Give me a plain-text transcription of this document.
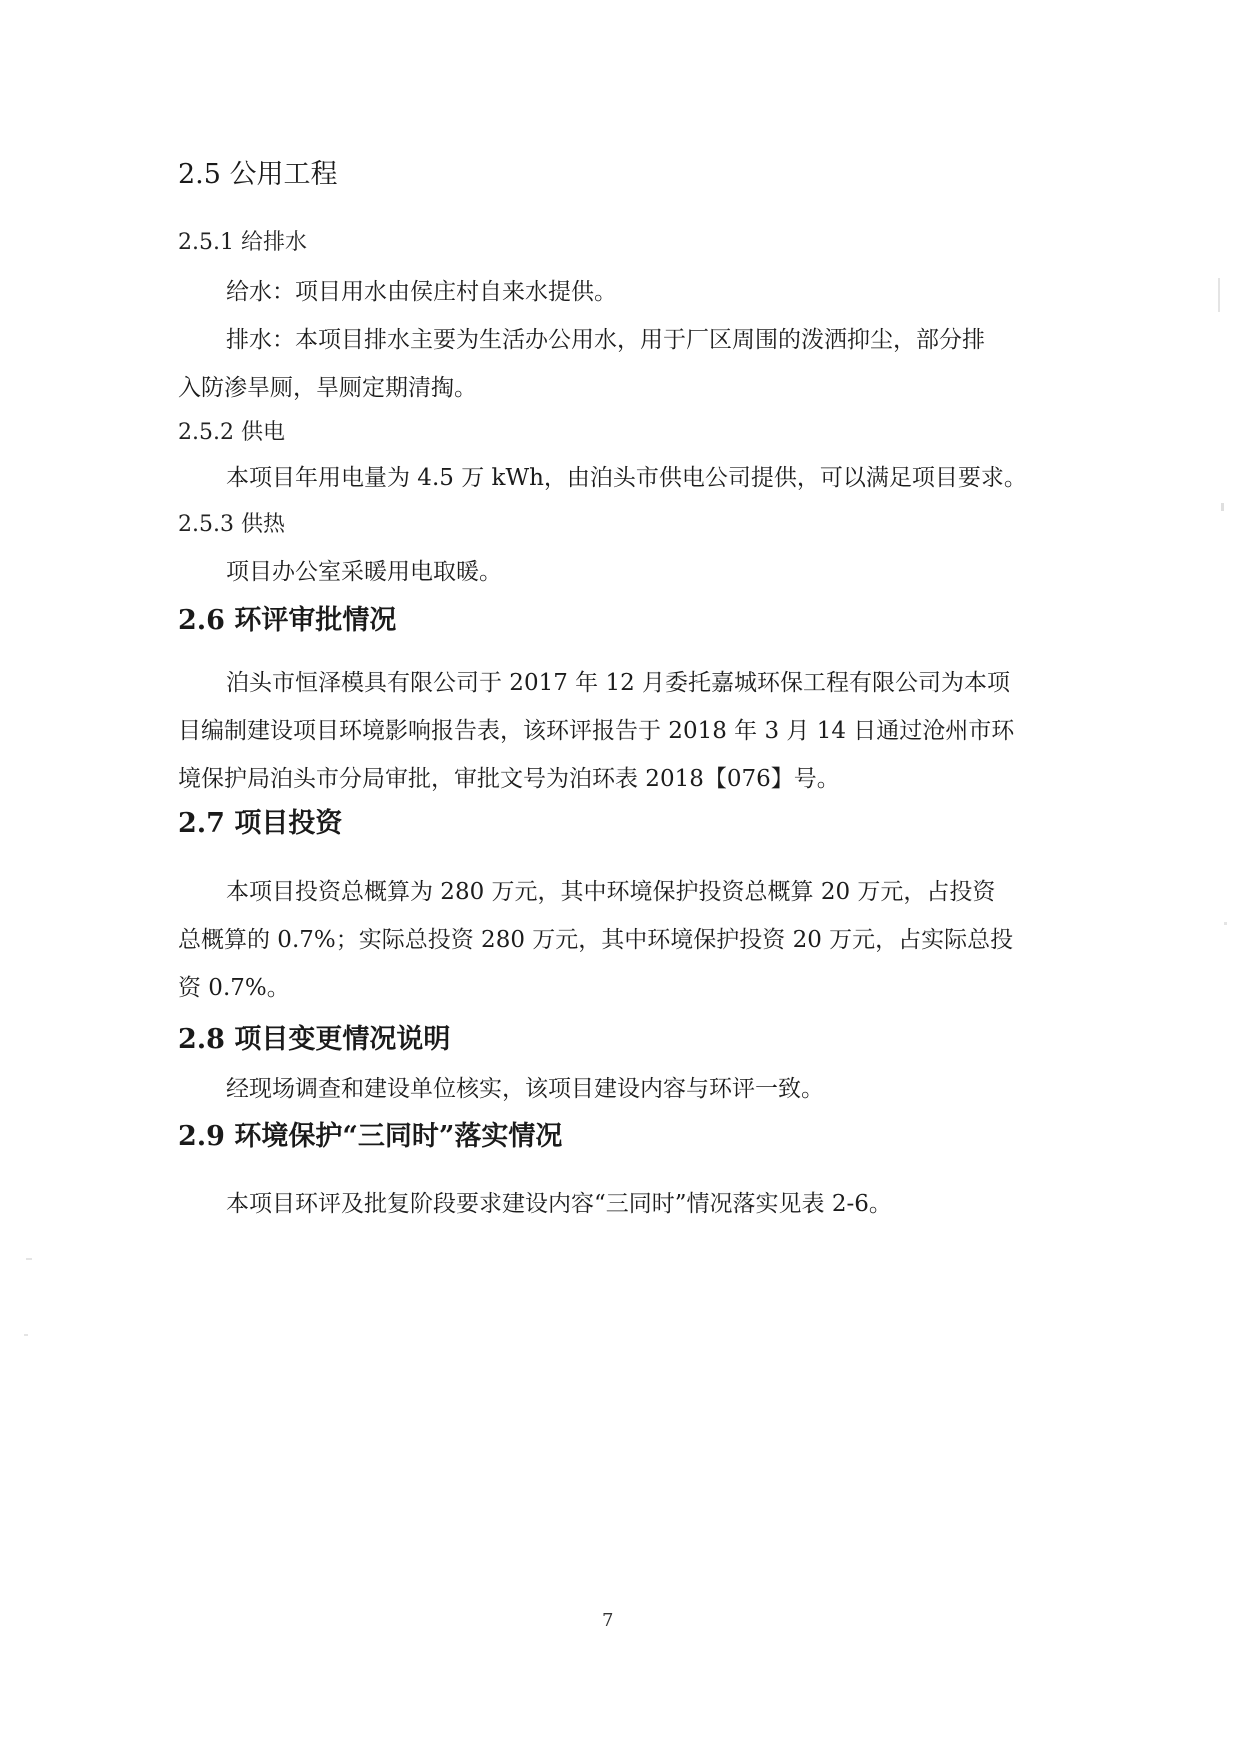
2.5 公用工程
2.5.1 给排水
给水：项目用水由侯庄村自来水提供。
排水：本项目排水主要为生活办公用水，用于厂区周围的泼洒抑尘，部分排
入防渗旱厕，旱厕定期清掏。
2.5.2 供电
本项目年用电量为 4.5 万 kWh，由泊头市供电公司提供，可以满足项目要求。
2.5.3 供热
项目办公室采暖用电取暖。
2.6 环评审批情况
泊头市恒泽模具有限公司于 2017 年 12 月委托嘉城环保工程有限公司为本项
目编制建设项目环境影响报告表，该环评报告于 2018 年 3 月 14 日通过沧州市环
境保护局泊头市分局审批，审批文号为泊环表 2018【076】号。
2.7 项目投资
本项目投资总概算为 280 万元，其中环境保护投资总概算 20 万元，占投资
总概算的 0.7%；实际总投资 280 万元，其中环境保护投资 20 万元，占实际总投
资 0.7%。
2.8 项目变更情况说明
经现场调查和建设单位核实，该项目建设内容与环评一致。
2.9 环境保护“三同时”落实情况
本项目环评及批复阶段要求建设内容“三同时”情况落实见表 2-6。
7
